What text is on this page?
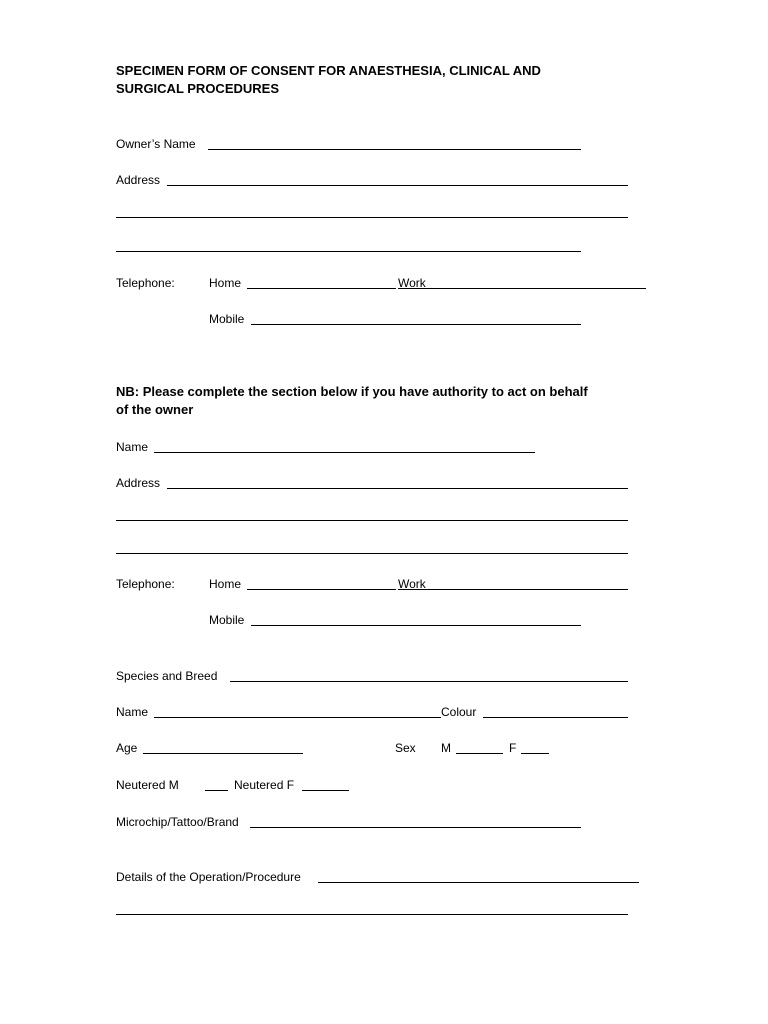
SPECIMEN FORM OF CONSENT FOR ANAESTHESIA, CLINICAL AND
SURGICAL PROCEDURES
Owner’s Name
Address
Telephone:	Home	Work
Mobile
NB: Please complete the section below if you have authority to act on behalf
of the owner
Name
Address
Telephone:	Home	Work
Mobile
Species and Breed
Name	Colour
Age	Sex M	F
Neutered M	Neutered F
Microchip/Tattoo/Brand
Details of the Operation/Procedure
